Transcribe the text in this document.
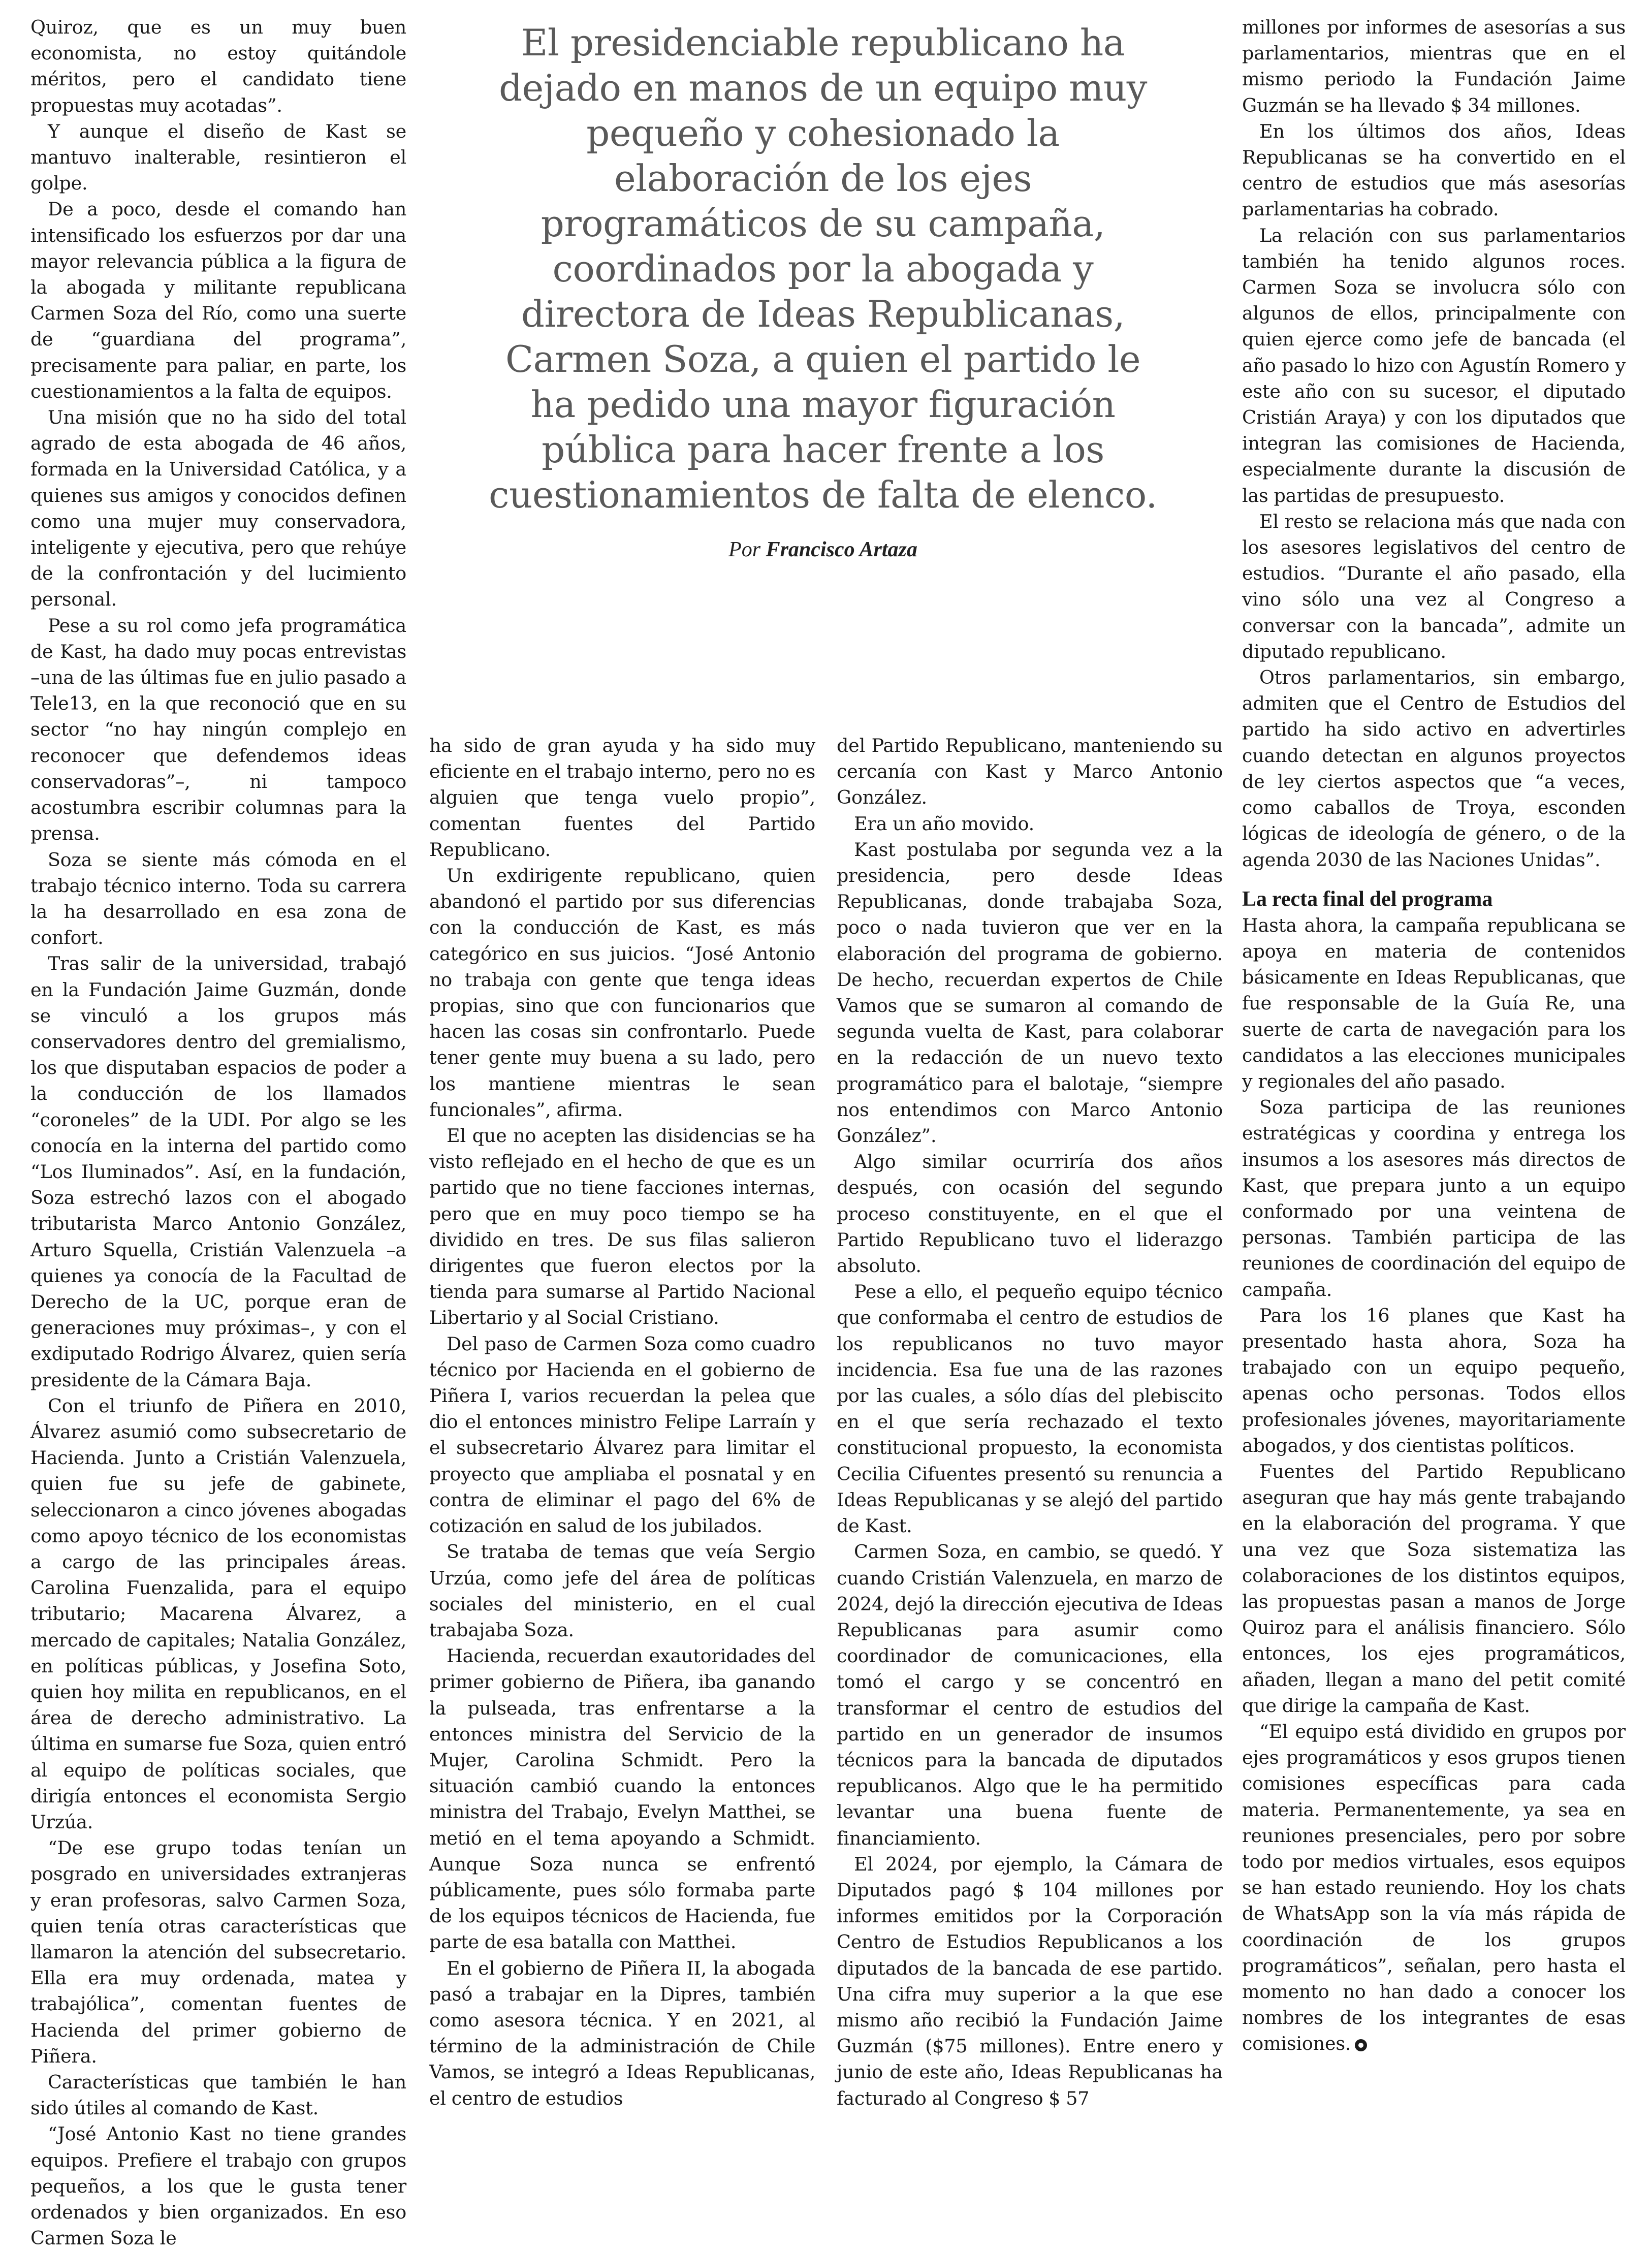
El presidenciable republicano ha dejado en manos de un equipo muy pequeño y cohesionado la elaboración de los ejes programáticos de su campaña, coordinados por la abogada y directora de Ideas Republicanas, Carmen Soza, a quien el partido le ha pedido una mayor figuración pública para hacer frente a los cuestionamientos de falta de elenco.
Por Francisco Artaza

Quiroz, que es un muy buen economista, no estoy quitándole méritos, pero el candidato tiene propuestas muy acotadas”.

Y aunque el diseño de Kast se mantuvo inalterable, resintieron el golpe.

De a poco, desde el comando han intensificado los esfuerzos por dar una mayor relevancia pública a la figura de la abogada y militante republicana Carmen Soza del Río, como una suerte de “guardiana del programa”, precisamente para paliar, en parte, los cuestionamientos a la falta de equipos.

Una misión que no ha sido del total agrado de esta abogada de 46 años, formada en la Universidad Católica, y a quienes sus amigos y conocidos definen como una mujer muy conservadora, inteligente y ejecutiva, pero que rehúye de la confrontación y del lucimiento personal.

Pese a su rol como jefa programática de Kast, ha dado muy pocas entrevistas –una de las últimas fue en julio pasado a Tele13, en la que reconoció que en su sector “no hay ningún complejo en reconocer que defendemos ideas conservadoras”–, ni tampoco acostumbra escribir columnas para la prensa.

Soza se siente más cómoda en el trabajo técnico interno. Toda su carrera la ha desarrollado en esa zona de confort.

Tras salir de la universidad, trabajó en la Fundación Jaime Guzmán, donde se vinculó a los grupos más conservadores dentro del gremialismo, los que disputaban espacios de poder a la conducción de los llamados “coroneles” de la UDI. Por algo se les conocía en la interna del partido como “Los Iluminados”. Así, en la fundación, Soza estrechó lazos con el abogado tributarista Marco Antonio González, Arturo Squella, Cristián Valenzuela –a quienes ya conocía de la Facultad de Derecho de la UC, porque eran de generaciones muy próximas–, y con el exdiputado Rodrigo Álvarez, quien sería presidente de la Cámara Baja.

Con el triunfo de Piñera en 2010, Álvarez asumió como subsecretario de Hacienda. Junto a Cristián Valenzuela, quien fue su jefe de gabinete, seleccionaron a cinco jóvenes abogadas como apoyo técnico de los economistas a cargo de las principales áreas. Carolina Fuenzalida, para el equipo tributario; Macarena Álvarez, a mercado de capitales; Natalia González, en políticas públicas, y Josefina Soto, quien hoy milita en republicanos, en el área de derecho administrativo. La última en sumarse fue Soza, quien entró al equipo de políticas sociales, que dirigía entonces el economista Sergio Urzúa.

“De ese grupo todas tenían un posgrado en universidades extranjeras y eran profesoras, salvo Carmen Soza, quien tenía otras características que llamaron la atención del subsecretario. Ella era muy ordenada, matea y trabajólica”, comentan fuentes de Hacienda del primer gobierno de Piñera.

Características que también le han sido útiles al comando de Kast.

“José Antonio Kast no tiene grandes equipos. Prefiere el trabajo con grupos pequeños, a los que le gusta tener ordenados y bien organizados. En eso Carmen Soza le

ha sido de gran ayuda y ha sido muy eficiente en el trabajo interno, pero no es alguien que tenga vuelo propio”, comentan fuentes del Partido Republicano.

Un exdirigente republicano, quien abandonó el partido por sus diferencias con la conducción de Kast, es más categórico en sus juicios. “José Antonio no trabaja con gente que tenga ideas propias, sino que con funcionarios que hacen las cosas sin confrontarlo. Puede tener gente muy buena a su lado, pero los mantiene mientras le sean funcionales”, afirma.

El que no acepten las disidencias se ha visto reflejado en el hecho de que es un partido que no tiene facciones internas, pero que en muy poco tiempo se ha dividido en tres. De sus filas salieron dirigentes que fueron electos por la tienda para sumarse al Partido Nacional Libertario y al Social Cristiano.

Del paso de Carmen Soza como cuadro técnico por Hacienda en el gobierno de Piñera I, varios recuerdan la pelea que dio el entonces ministro Felipe Larraín y el subsecretario Álvarez para limitar el proyecto que ampliaba el posnatal y en contra de eliminar el pago del 6% de cotización en salud de los jubilados.

Se trataba de temas que veía Sergio Urzúa, como jefe del área de políticas sociales del ministerio, en el cual trabajaba Soza.

Hacienda, recuerdan exautoridades del primer gobierno de Piñera, iba ganando la pulseada, tras enfrentarse a la entonces ministra del Servicio de la Mujer, Carolina Schmidt. Pero la situación cambió cuando la entonces ministra del Trabajo, Evelyn Matthei, se metió en el tema apoyando a Schmidt. Aunque Soza nunca se enfrentó públicamente, pues sólo formaba parte de los equipos técnicos de Hacienda, fue parte de esa batalla con Matthei.

En el gobierno de Piñera II, la abogada pasó a trabajar en la Dipres, también como asesora técnica. Y en 2021, al término de la administración de Chile Vamos, se integró a Ideas Republicanas, el centro de estudios

del Partido Republicano, manteniendo su cercanía con Kast y Marco Antonio González.

Era un año movido.

Kast postulaba por segunda vez a la presidencia, pero desde Ideas Republicanas, donde trabajaba Soza, poco o nada tuvieron que ver en la elaboración del programa de gobierno. De hecho, recuerdan expertos de Chile Vamos que se sumaron al comando de segunda vuelta de Kast, para colaborar en la redacción de un nuevo texto programático para el balotaje, “siempre nos entendimos con Marco Antonio González”.

Algo similar ocurriría dos años después, con ocasión del segundo proceso constituyente, en el que el Partido Republicano tuvo el liderazgo absoluto.

Pese a ello, el pequeño equipo técnico que conformaba el centro de estudios de los republicanos no tuvo mayor incidencia. Esa fue una de las razones por las cuales, a sólo días del plebiscito en el que sería rechazado el texto constitucional propuesto, la economista Cecilia Cifuentes presentó su renuncia a Ideas Republicanas y se alejó del partido de Kast.

Carmen Soza, en cambio, se quedó. Y cuando Cristián Valenzuela, en marzo de 2024, dejó la dirección ejecutiva de Ideas Republicanas para asumir como coordinador de comunicaciones, ella tomó el cargo y se concentró en transformar el centro de estudios del partido en un generador de insumos técnicos para la bancada de diputados republicanos. Algo que le ha permitido levantar una buena fuente de financiamiento.

El 2024, por ejemplo, la Cámara de Diputados pagó $ 104 millones por informes emitidos por la Corporación Centro de Estudios Republicanos a los diputados de la bancada de ese partido. Una cifra muy superior a la que ese mismo año recibió la Fundación Jaime Guzmán ($75 millones). Entre enero y junio de este año, Ideas Republicanas ha facturado al Congreso $ 57

millones por informes de asesorías a sus parlamentarios, mientras que en el mismo periodo la Fundación Jaime Guzmán se ha llevado $ 34 millones.

En los últimos dos años, Ideas Republicanas se ha convertido en el centro de estudios que más asesorías parlamentarias ha cobrado.

La relación con sus parlamentarios también ha tenido algunos roces. Carmen Soza se involucra sólo con algunos de ellos, principalmente con quien ejerce como jefe de bancada (el año pasado lo hizo con Agustín Romero y este año con su sucesor, el diputado Cristián Araya) y con los diputados que integran las comisiones de Hacienda, especialmente durante la discusión de las partidas de presupuesto.

El resto se relaciona más que nada con los asesores legislativos del centro de estudios. “Durante el año pasado, ella vino sólo una vez al Congreso a conversar con la bancada”, admite un diputado republicano.

Otros parlamentarios, sin embargo, admiten que el Centro de Estudios del partido ha sido activo en advertirles cuando detectan en algunos proyectos de ley ciertos aspectos que “a veces, como caballos de Troya, esconden lógicas de ideología de género, o de la agenda 2030 de las Naciones Unidas”.

La recta final del programa

Hasta ahora, la campaña republicana se apoya en materia de contenidos básicamente en Ideas Republicanas, que fue responsable de la Guía Re, una suerte de carta de navegación para los candidatos a las elecciones municipales y regionales del año pasado.

Soza participa de las reuniones estratégicas y coordina y entrega los insumos a los asesores más directos de Kast, que prepara junto a un equipo conformado por una veintena de personas. También participa de las reuniones de coordinación del equipo de campaña.

Para los 16 planes que Kast ha presentado hasta ahora, Soza ha trabajado con un equipo pequeño, apenas ocho personas. Todos ellos profesionales jóvenes, mayoritariamente abogados, y dos cientistas políticos.

Fuentes del Partido Republicano aseguran que hay más gente trabajando en la elaboración del programa. Y que una vez que Soza sistematiza las colaboraciones de los distintos equipos, las propuestas pasan a manos de Jorge Quiroz para el análisis financiero. Sólo entonces, los ejes programáticos, añaden, llegan a mano del petit comité que dirige la campaña de Kast.

“El equipo está dividido en grupos por ejes programáticos y esos grupos tienen comisiones específicas para cada materia. Permanentemente, ya sea en reuniones presenciales, pero por sobre todo por medios virtuales, esos equipos se han estado reuniendo. Hoy los chats de WhatsApp son la vía más rápida de coordinación de los grupos programáticos”, señalan, pero hasta el momento no han dado a conocer los nombres de los integrantes de esas comisiones.
